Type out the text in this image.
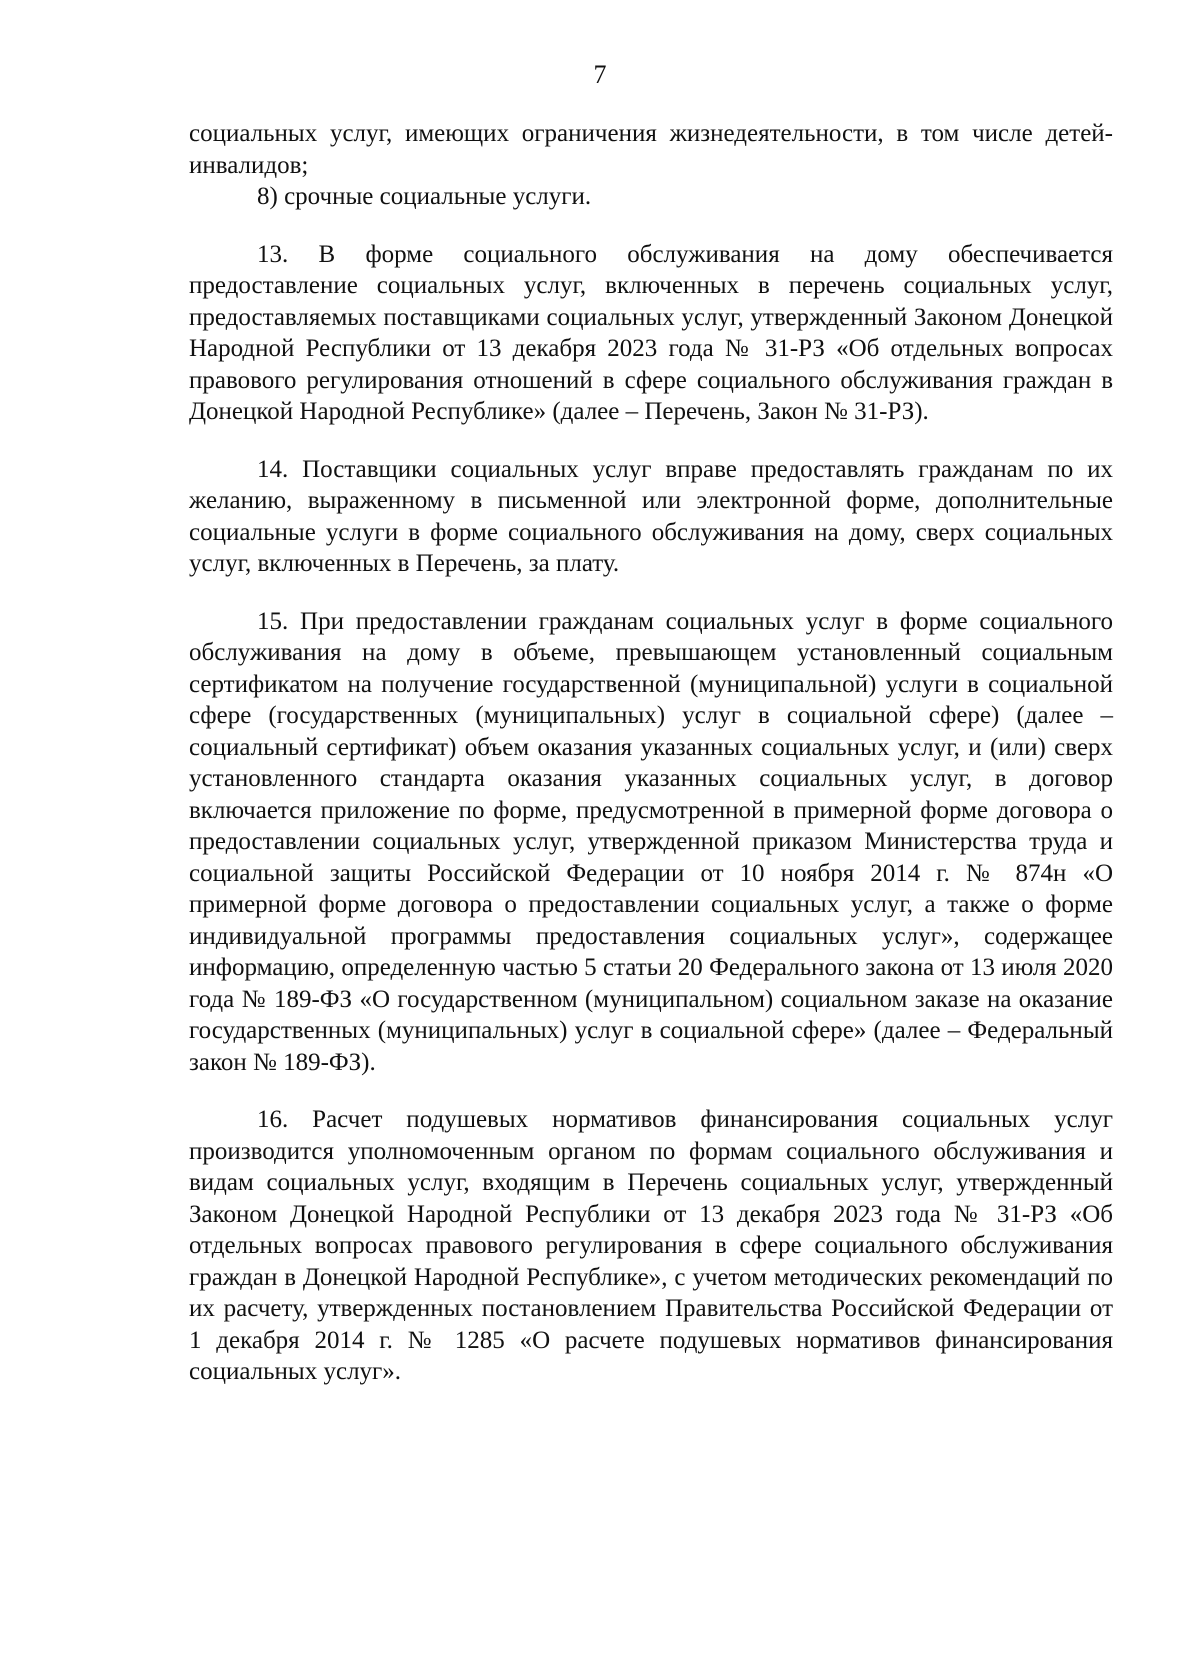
7

социальных услуг, имеющих ограничения жизнедеятельности, в том числе детей-инвалидов;

8) срочные социальные услуги.

13. В форме социального обслуживания на дому обеспечивается предоставление социальных услуг, включенных в перечень социальных услуг, предоставляемых поставщиками социальных услуг, утвержденный Законом Донецкой Народной Республики от 13 декабря 2023 года № 31-РЗ «Об отдельных вопросах правового регулирования отношений в сфере социального обслуживания граждан в Донецкой Народной Республике» (далее – Перечень, Закон № 31-РЗ).

14. Поставщики социальных услуг вправе предоставлять гражданам по их желанию, выраженному в письменной или электронной форме, дополнительные социальные услуги в форме социального обслуживания на дому, сверх социальных услуг, включенных в Перечень, за плату.

15. При предоставлении гражданам социальных услуг в форме социального обслуживания на дому в объеме, превышающем установленный социальным сертификатом на получение государственной (муниципальной) услуги в социальной сфере (государственных (муниципальных) услуг в социальной сфере) (далее – социальный сертификат) объем оказания указанных социальных услуг, и (или) сверх установленного стандарта оказания указанных социальных услуг, в договор включается приложение по форме, предусмотренной в примерной форме договора о предоставлении социальных услуг, утвержденной приказом Министерства труда и социальной защиты Российской Федерации от 10 ноября 2014 г. № 874н «О примерной форме договора о предоставлении социальных услуг, а также о форме индивидуальной программы предоставления социальных услуг», содержащее информацию, определенную частью 5 статьи 20 Федерального закона от 13 июля 2020 года № 189-ФЗ «О государственном (муниципальном) социальном заказе на оказание государственных (муниципальных) услуг в социальной сфере» (далее – Федеральный закон № 189-ФЗ).

16. Расчет подушевых нормативов финансирования социальных услуг производится уполномоченным органом по формам социального обслуживания и видам социальных услуг, входящим в Перечень социальных услуг, утвержденный Законом Донецкой Народной Республики от 13 декабря 2023 года № 31-РЗ «Об отдельных вопросах правового регулирования в сфере социального обслуживания граждан в Донецкой Народной Республике», с учетом методических рекомендаций по их расчету, утвержденных постановлением Правительства Российской Федерации от 1 декабря 2014 г. № 1285 «О расчете подушевых нормативов финансирования социальных услуг».
